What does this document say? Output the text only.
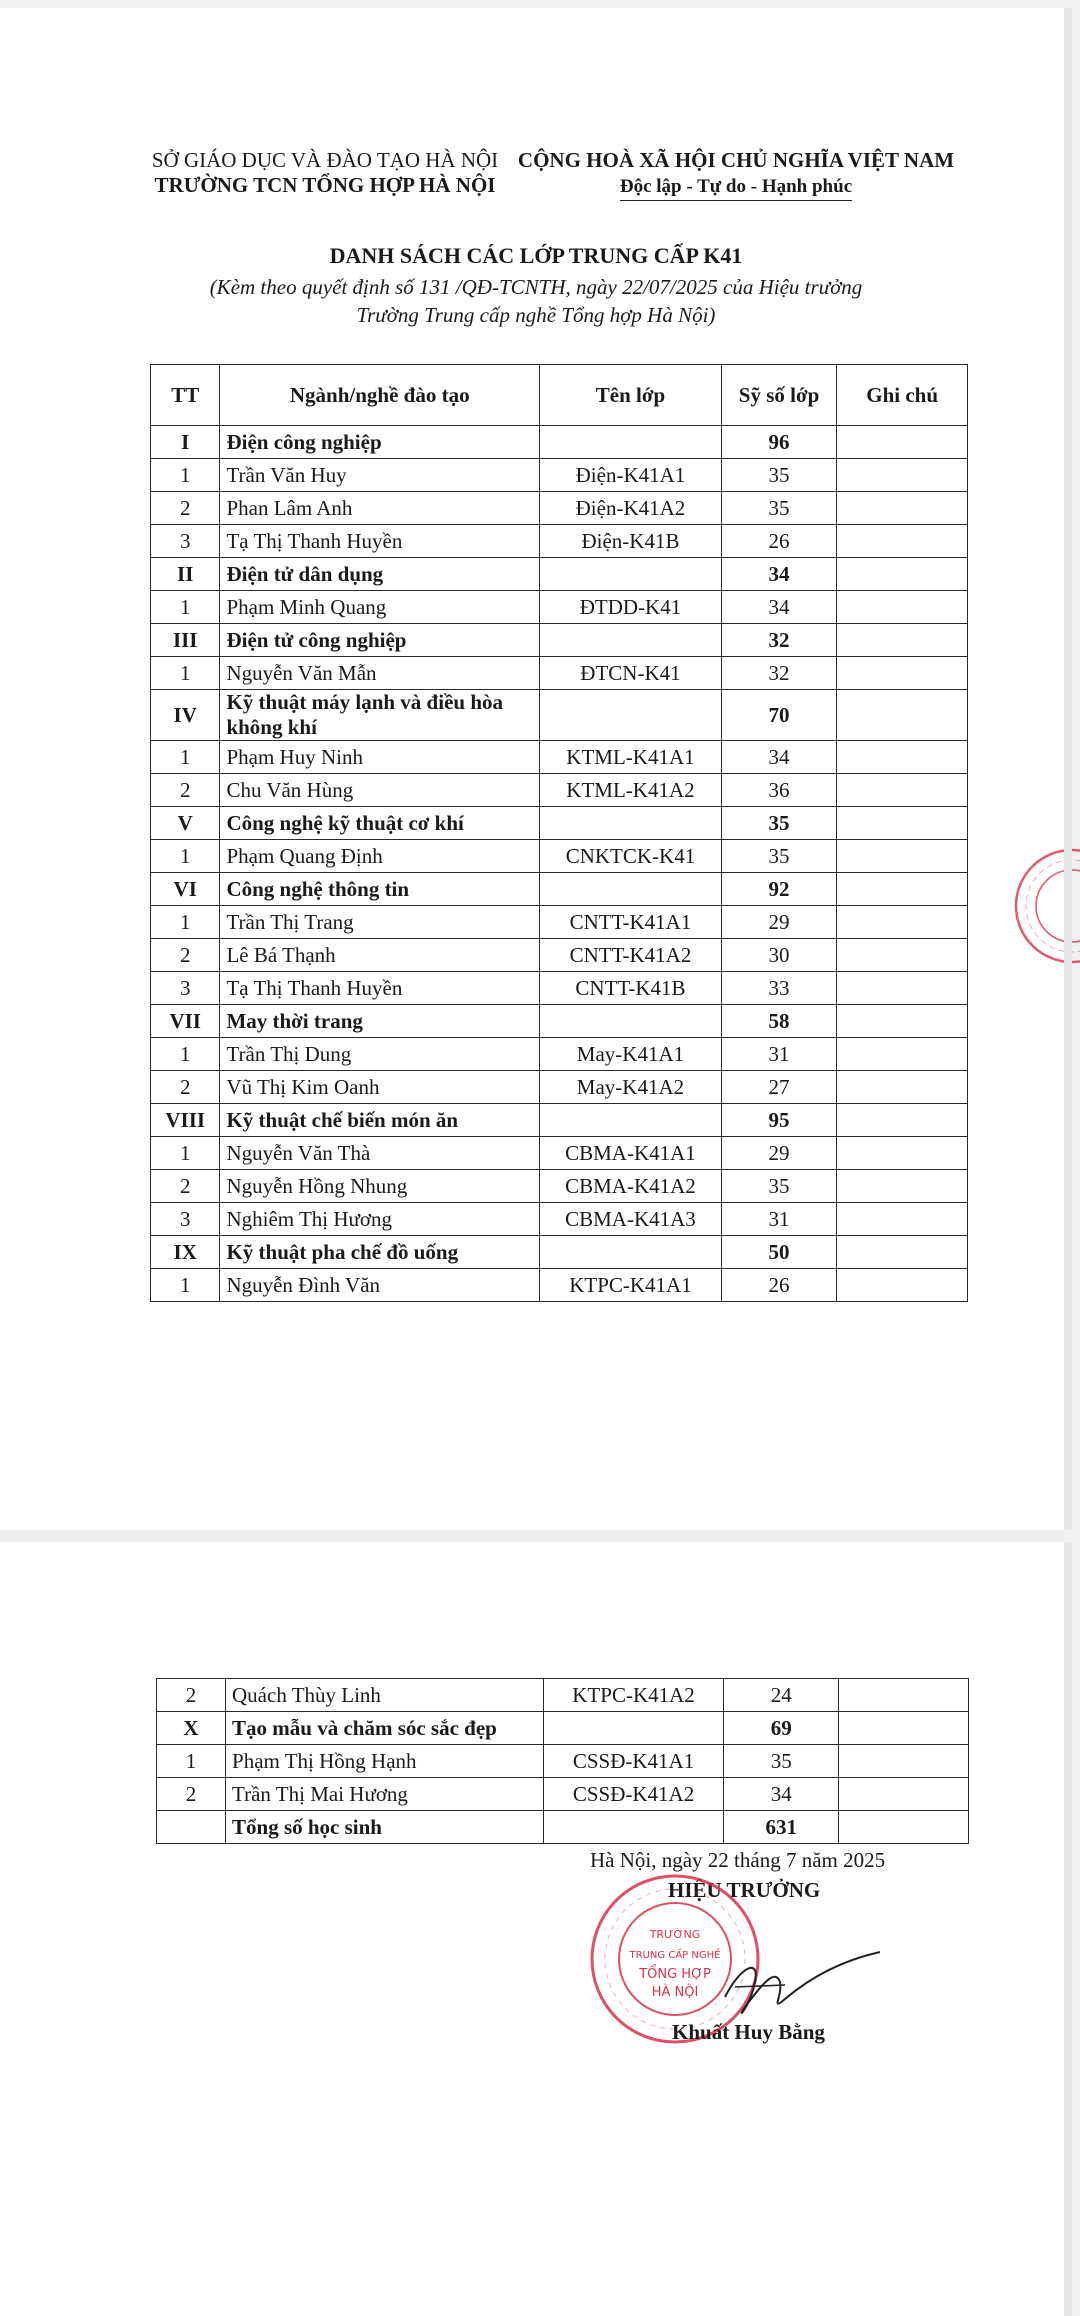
SỞ GIÁO DỤC VÀ ĐÀO TẠO HÀ NỘI
TRƯỜNG TCN TỔNG HỢP HÀ NỘI
CỘNG HOÀ XÃ HỘI CHỦ NGHĨA VIỆT NAM
Độc lập - Tự do - Hạnh phúc
DANH SÁCH CÁC LỚP TRUNG CẤP K41
(Kèm theo quyết định số 131 /QĐ-TCNTH, ngày 22/07/2025 của Hiệu trưởng
Trường Trung cấp nghề Tổng hợp Hà Nội)
TT	Ngành/nghề đào tạo	Tên lớp	Sỹ số lớp	Ghi chú
I	Điện công nghiệp		96	
1	Trần Văn Huy	Điện-K41A1	35	
2	Phan Lâm Anh	Điện-K41A2	35	
3	Tạ Thị Thanh Huyền	Điện-K41B	26	
II	Điện tử dân dụng		34	
1	Phạm Minh Quang	ĐTDD-K41	34	
III	Điện tử công nghiệp		32	
1	Nguyễn Văn Mẫn	ĐTCN-K41	32	
IV	Kỹ thuật máy lạnh và điều hòa không khí		70	
1	Phạm Huy Ninh	KTML-K41A1	34	
2	Chu Văn Hùng	KTML-K41A2	36	
V	Công nghệ kỹ thuật cơ khí		35	
1	Phạm Quang Định	CNKTCK-K41	35	
VI	Công nghệ thông tin		92	
1	Trần Thị Trang	CNTT-K41A1	29	
2	Lê Bá Thạnh	CNTT-K41A2	30	
3	Tạ Thị Thanh Huyền	CNTT-K41B	33	
VII	May thời trang		58	
1	Trần Thị Dung	May-K41A1	31	
2	Vũ Thị Kim Oanh	May-K41A2	27	
VIII	Kỹ thuật chế biến món ăn		95	
1	Nguyễn Văn Thà	CBMA-K41A1	29	
2	Nguyễn Hồng Nhung	CBMA-K41A2	35	
3	Nghiêm Thị Hương	CBMA-K41A3	31	
IX	Kỹ thuật pha chế đồ uống		50	
1	Nguyễn Đình Văn	KTPC-K41A1	26	
2	Quách Thùy Linh	KTPC-K41A2	24	
X	Tạo mẫu và chăm sóc sắc đẹp		69	
1	Phạm Thị Hồng Hạnh	CSSĐ-K41A1	35	
2	Trần Thị Mai Hương	CSSĐ-K41A2	34	
	Tổng số học sinh		631	
Hà Nội, ngày 22 tháng 7 năm 2025
HIỆU TRƯỞNG
TRƯỜNG
TRUNG CẤP NGHỀ
TỔNG HỢP
HÀ NỘI
Khuất Huy Bằng
